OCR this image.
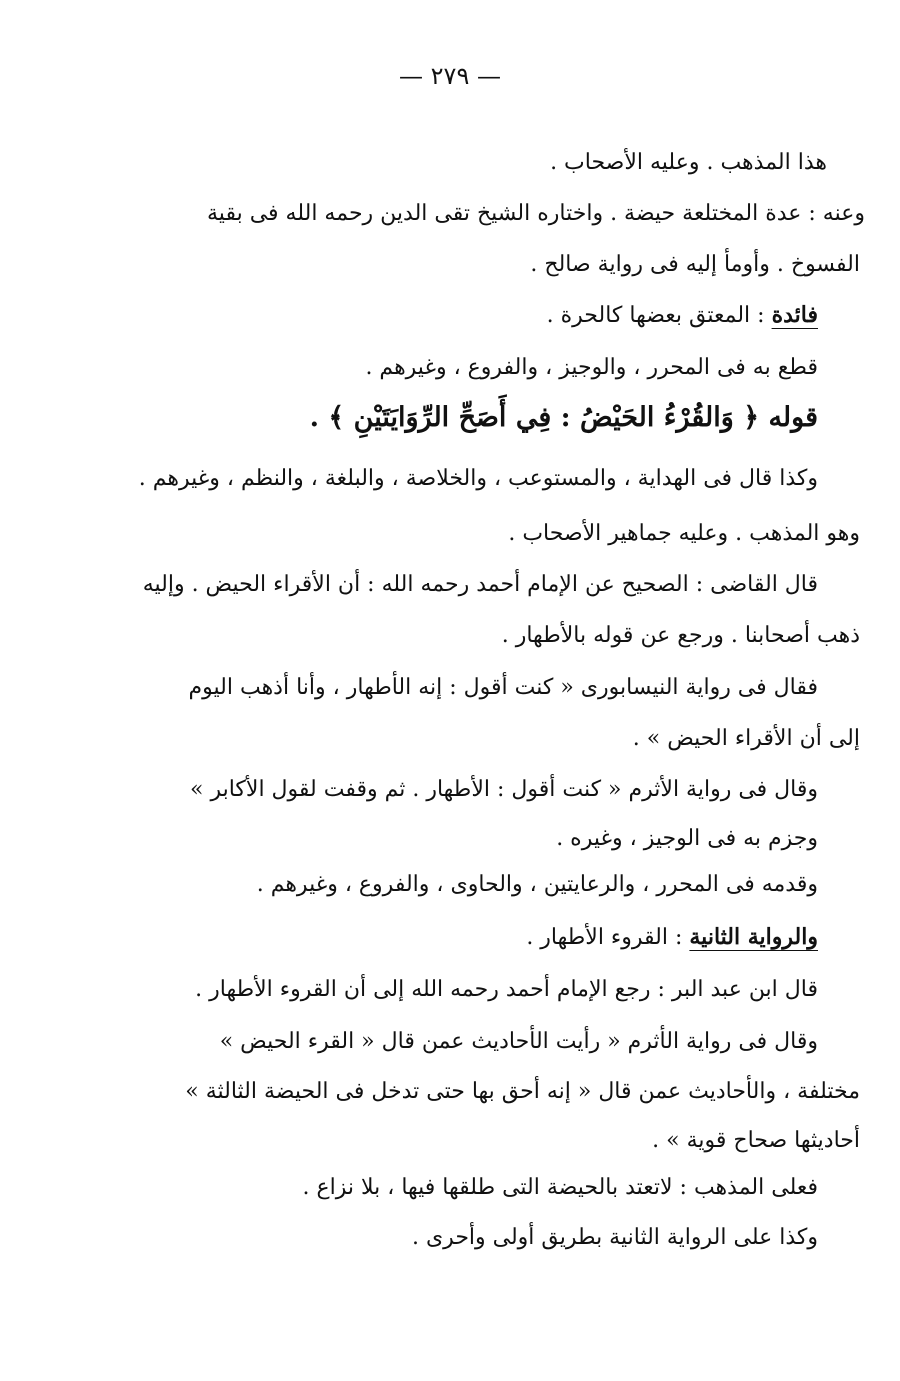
— ٢٧٩ —
هذا المذهب . وعليه الأصحاب .
وعنه : عدة المختلعة حيضة . واختاره الشيخ تقى الدين رحمه الله فى بقية
الفسوخ . وأومأ إليه فى رواية صالح .
فائدة : المعتق بعضها كالحرة .
قطع به فى المحرر ، والوجيز ، والفروع ، وغيرهم .
قوله ﴿ وَالقُرْءُ الحَيْضُ : فِي أَصَحِّ الرِّوَايَتَيْنِ ﴾ .
وكذا قال فى الهداية ، والمستوعب ، والخلاصة ، والبلغة ، والنظم ، وغيرهم .
وهو المذهب . وعليه جماهير الأصحاب .
قال القاضى : الصحيح عن الإمام أحمد رحمه الله : أن الأقراء الحيض . وإليه
ذهب أصحابنا . ورجع عن قوله بالأطهار .
فقال فى رواية النيسابورى « كنت أقول : إنه الأطهار ، وأنا أذهب اليوم
إلى أن الأقراء الحيض » .
وقال فى رواية الأثرم « كنت أقول : الأطهار . ثم وقفت لقول الأكابر »
وجزم به فى الوجيز ، وغيره .
وقدمه فى المحرر ، والرعايتين ، والحاوى ، والفروع ، وغيرهم .
والرواية الثانية : القروء الأطهار .
قال ابن عبد البر : رجع الإمام أحمد رحمه الله إلى أن القروء الأطهار .
وقال فى رواية الأثرم « رأيت الأحاديث عمن قال « القرء الحيض »
مختلفة ، والأحاديث عمن قال « إنه أحق بها حتى تدخل فى الحيضة الثالثة »
أحاديثها صحاح قوية » .
فعلى المذهب : لاتعتد بالحيضة التى طلقها فيها ، بلا نزاع .
وكذا على الرواية الثانية بطريق أولى وأحرى .
